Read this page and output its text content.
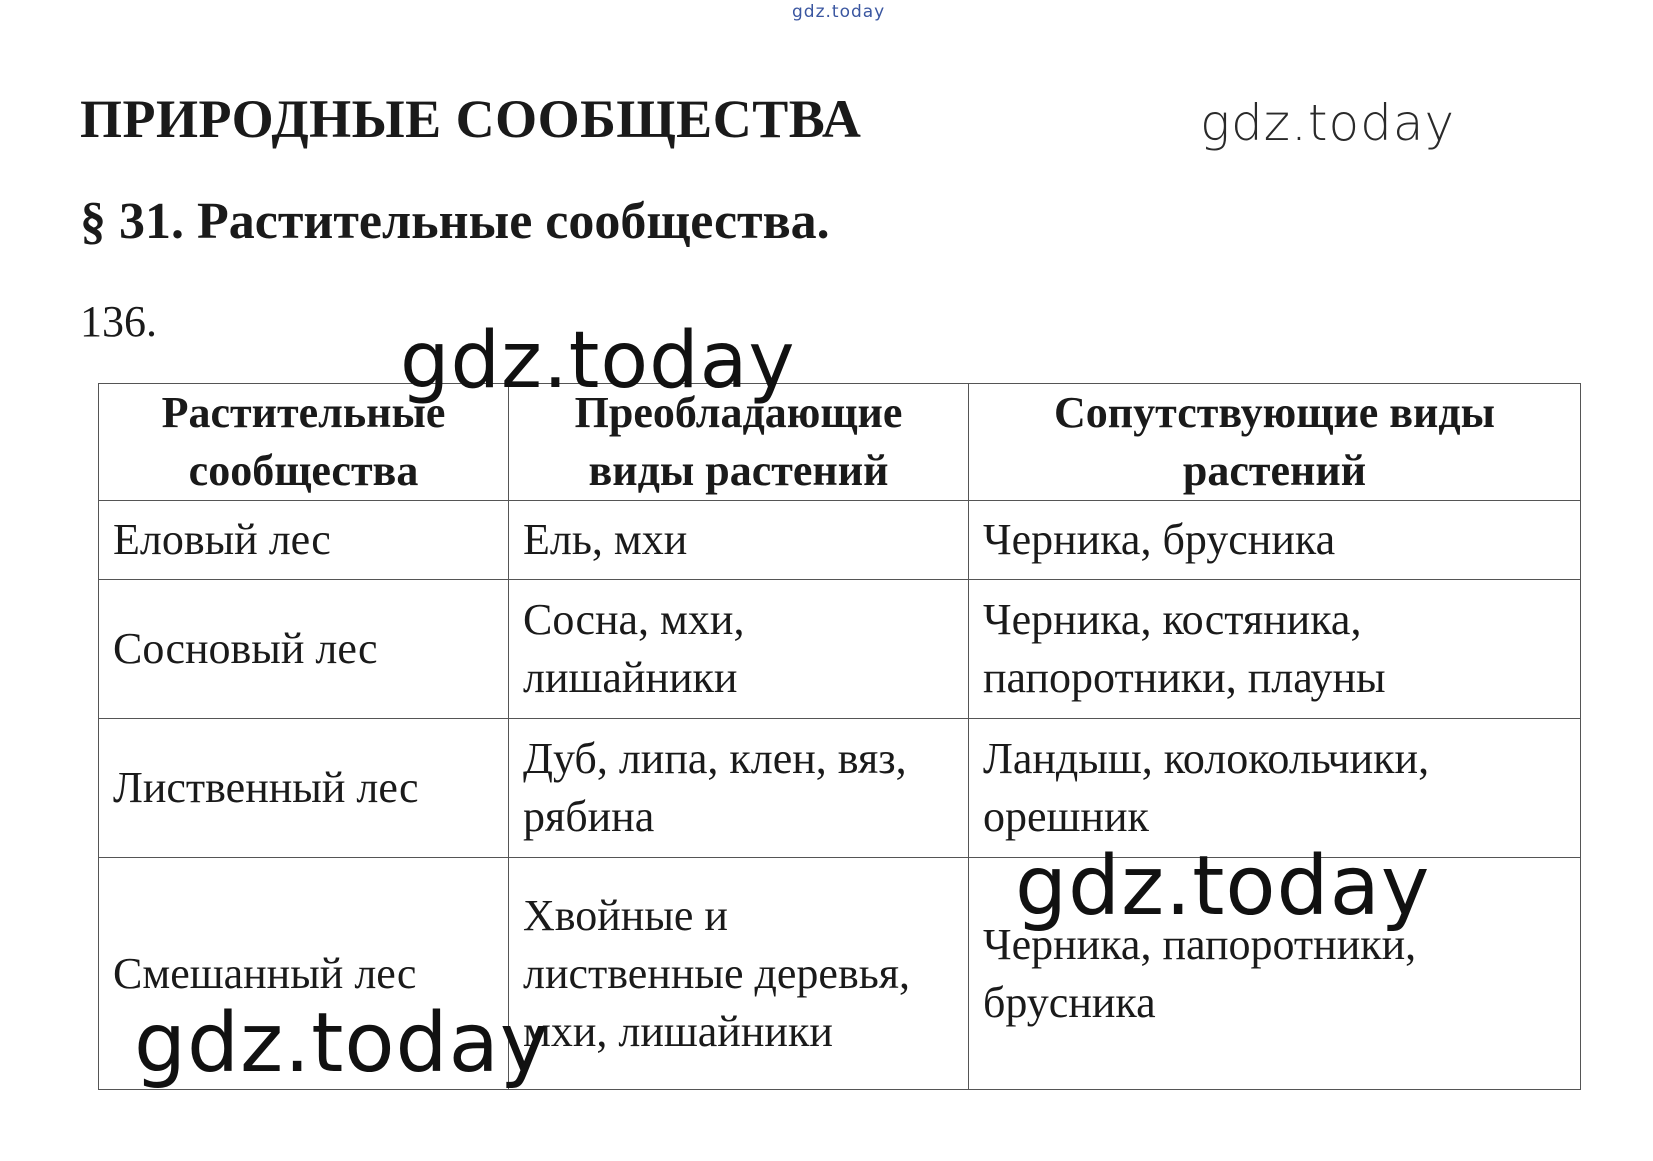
ПРИРОДНЫЕ СООБЩЕСТВА
§ 31. Растительные сообщества.
136.
Растительные сообщества	Преобладающие виды растений	Сопутствующие виды растений
Еловый лес	Ель, мхи	Черника, брусника
Сосновый лес	Сосна, мхи, лишайники	Черника, костяника, папоротники, плауны
Лиственный лес	Дуб, липа, клен, вяз, рябина	Ландыш, колокольчики, орешник
Смешанный лес	Хвойные и лиственные деревья, мхи, лишайники	Черника, папоротники, брусника
gdz.today
gdz.today
gdz.today
gdz.today
gdz.today
